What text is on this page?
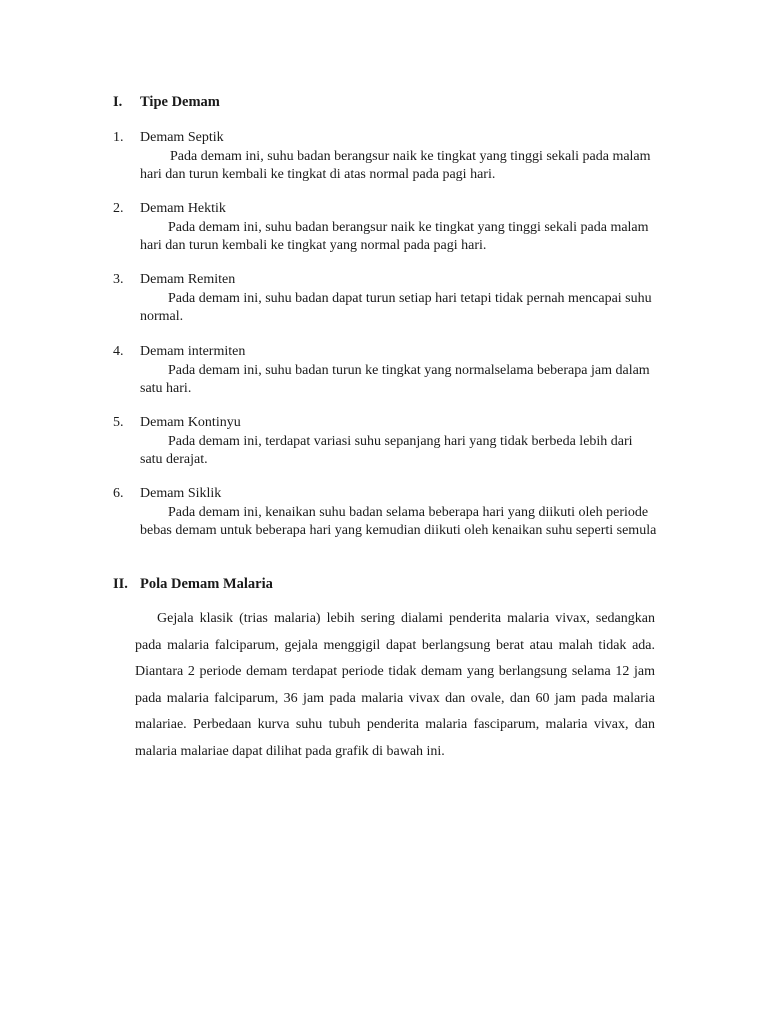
I.	Tipe Demam
1.	Demam Septik
Pada demam ini, suhu badan berangsur naik ke tingkat yang tinggi sekali pada malam hari dan turun kembali ke tingkat di atas normal pada pagi hari.
2.	Demam Hektik
Pada demam ini, suhu badan berangsur naik ke tingkat yang tinggi sekali pada malam hari dan turun kembali ke tingkat yang normal pada pagi hari.
3.	Demam Remiten
Pada demam ini, suhu badan dapat turun setiap hari tetapi tidak pernah mencapai suhu normal.
4.	Demam intermiten
Pada demam ini, suhu badan turun ke tingkat yang normalselama beberapa jam dalam satu hari.
5.	Demam Kontinyu
Pada demam ini, terdapat variasi suhu sepanjang hari yang tidak berbeda lebih dari satu derajat.
6.	Demam Siklik
Pada demam ini, kenaikan suhu badan selama beberapa hari yang diikuti oleh periode bebas demam untuk beberapa hari yang kemudian diikuti oleh kenaikan suhu seperti semula
II. Pola Demam Malaria
Gejala klasik (trias malaria) lebih sering dialami penderita malaria vivax, sedangkan pada malaria falciparum, gejala menggigil dapat berlangsung berat atau malah tidak ada. Diantara 2 periode demam terdapat periode tidak demam yang berlangsung selama 12 jam pada malaria falciparum, 36 jam pada malaria vivax dan ovale, dan 60 jam pada malaria malariae. Perbedaan kurva suhu tubuh penderita malaria fasciparum, malaria vivax, dan malaria malariae dapat dilihat pada grafik di bawah ini.
